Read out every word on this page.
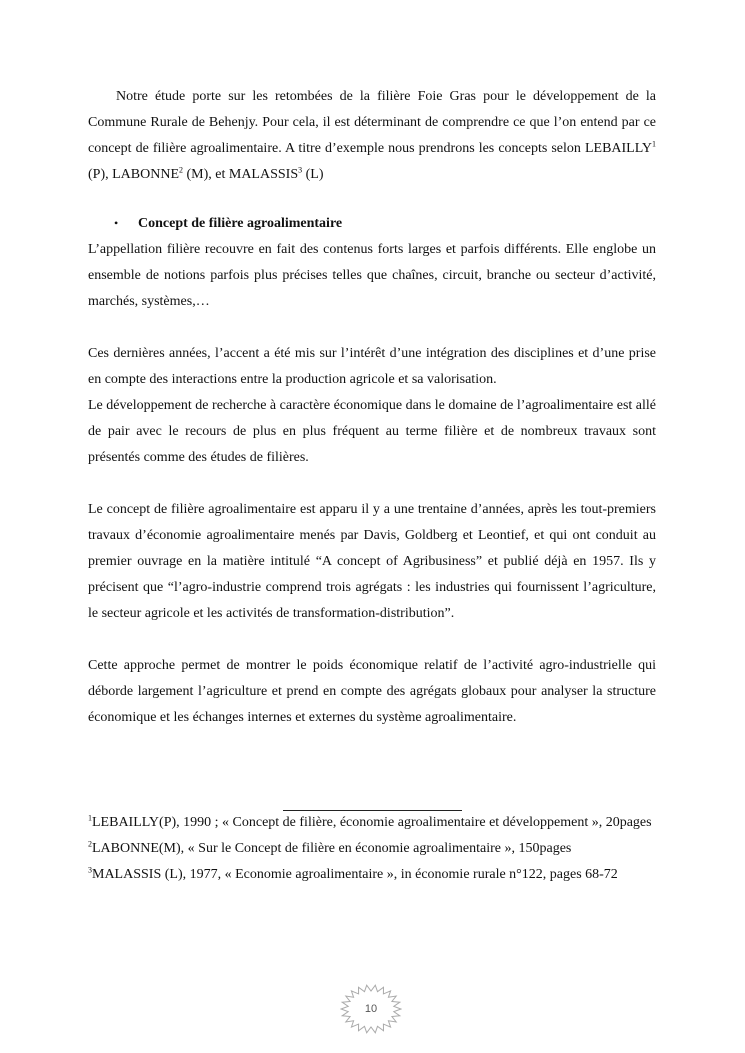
Notre étude porte sur les retombées de la filière Foie Gras pour le développement de la Commune Rurale de Behenjy. Pour cela, il est déterminant de comprendre ce que l’on entend par ce concept de filière agroalimentaire. A titre d’exemple nous prendrons les concepts selon LEBAILLY$^1$ (P), LABONNE$^2$ (M), et MALASSIS$^3$ (L)

•	Concept de filière agroalimentaire

L’appellation filière recouvre en fait des contenus forts larges et parfois différents. Elle englobe un ensemble de notions parfois plus précises telles que chaînes, circuit, branche ou secteur d’activité, marchés, systèmes,…

Ces dernières années, l’accent a été mis sur l’intérêt d’une intégration des disciplines et d’une prise en compte des interactions entre la production agricole et sa valorisation.

Le développement de recherche à caractère économique dans le domaine de l’agroalimentaire est allé de pair avec le recours de plus en plus fréquent au terme filière et de nombreux travaux sont présentés comme des études de filières.

Le concept de filière agroalimentaire est apparu il y a une trentaine d’années, après les tout-premiers travaux d’économie agroalimentaire menés par Davis, Goldberg et Leontief, et qui ont conduit au premier ouvrage en la matière intitulé “A concept of Agribusiness” et publié déjà en 1957. Ils y précisent que “l’agro-industrie comprend trois agrégats : les industries qui fournissent l’agriculture, le secteur agricole et les activités de transformation-distribution”.

Cette approche permet de montrer le poids économique relatif de l’activité agro-industrielle qui déborde largement l’agriculture et prend en compte des agrégats globaux pour analyser la structure économique et les échanges internes et externes du système agroalimentaire.

$^1$LEBAILLY(P), 1990 ; « Concept de filière, économie agroalimentaire et développement », 20pages

$^2$LABONNE(M), « Sur le Concept de filière en économie agroalimentaire », 150pages

$^3$MALASSIS (L), 1977, « Economie agroalimentaire », in économie rurale n°122, pages 68-72

10
